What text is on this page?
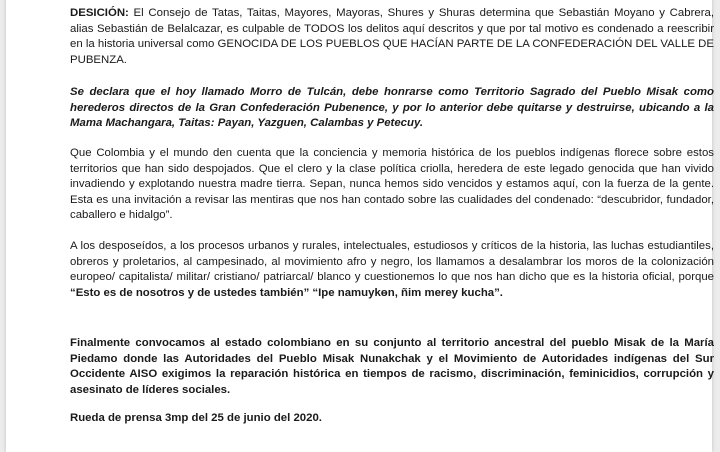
DESICIÓN: El Consejo de Tatas, Taitas, Mayores, Mayoras, Shures y Shuras determina que Sebastián Moyano y Cabrera, alias Sebastián de Belalcazar, es culpable de TODOS los delitos aquí descritos y que por tal motivo es condenado a reescribir en la historia universal como GENOCIDA DE LOS PUEBLOS QUE HACÍAN PARTE DE LA CONFEDERACIÓN DEL VALLE DE PUBENZA.

Se declara que el hoy llamado Morro de Tulcán, debe honrarse como Territorio Sagrado del Pueblo Misak como herederos directos de la Gran Confederación Pubenence, y por lo anterior debe quitarse y destruirse, ubicando a la Mama Machangara, Taitas: Payan, Yazguen, Calambas y Petecuy.

Que Colombia y el mundo den cuenta que la conciencia y memoria histórica de los pueblos indígenas florece sobre estos territorios que han sido despojados. Que el clero y la clase política criolla, heredera de este legado genocida que han vivido invadiendo y explotando nuestra madre tierra. Sepan, nunca hemos sido vencidos y estamos aquí, con la fuerza de la gente. Esta es una invitación a revisar las mentiras que nos han contado sobre las cualidades del condenado: “descubridor, fundador, caballero e hidalgo”.

A los desposeídos, a los procesos urbanos y rurales, intelectuales, estudiosos y críticos de la historia, las luchas estudiantiles, obreros y proletarios, al campesinado, al movimiento afro y negro, los llamamos a desalambrar los moros de la colonización europeo/ capitalista/ militar/ cristiano/ patriarcal/ blanco y cuestionemos lo que nos han dicho que es la historia oficial, porque “Esto es de nosotros y de ustedes también” “Ipe namuykɵn, ñim merey kucha”.

Finalmente convocamos al estado colombiano en su conjunto al territorio ancestral del pueblo Misak de la María Piedamo donde las Autoridades del Pueblo Misak Nunakchak y el Movimiento de Autoridades indígenas del Sur Occidente AISO exigimos la reparación histórica en tiempos de racismo, discriminación, feminicidios, corrupción y asesinato de líderes sociales.

Rueda de prensa 3mp del 25 de junio del 2020.
